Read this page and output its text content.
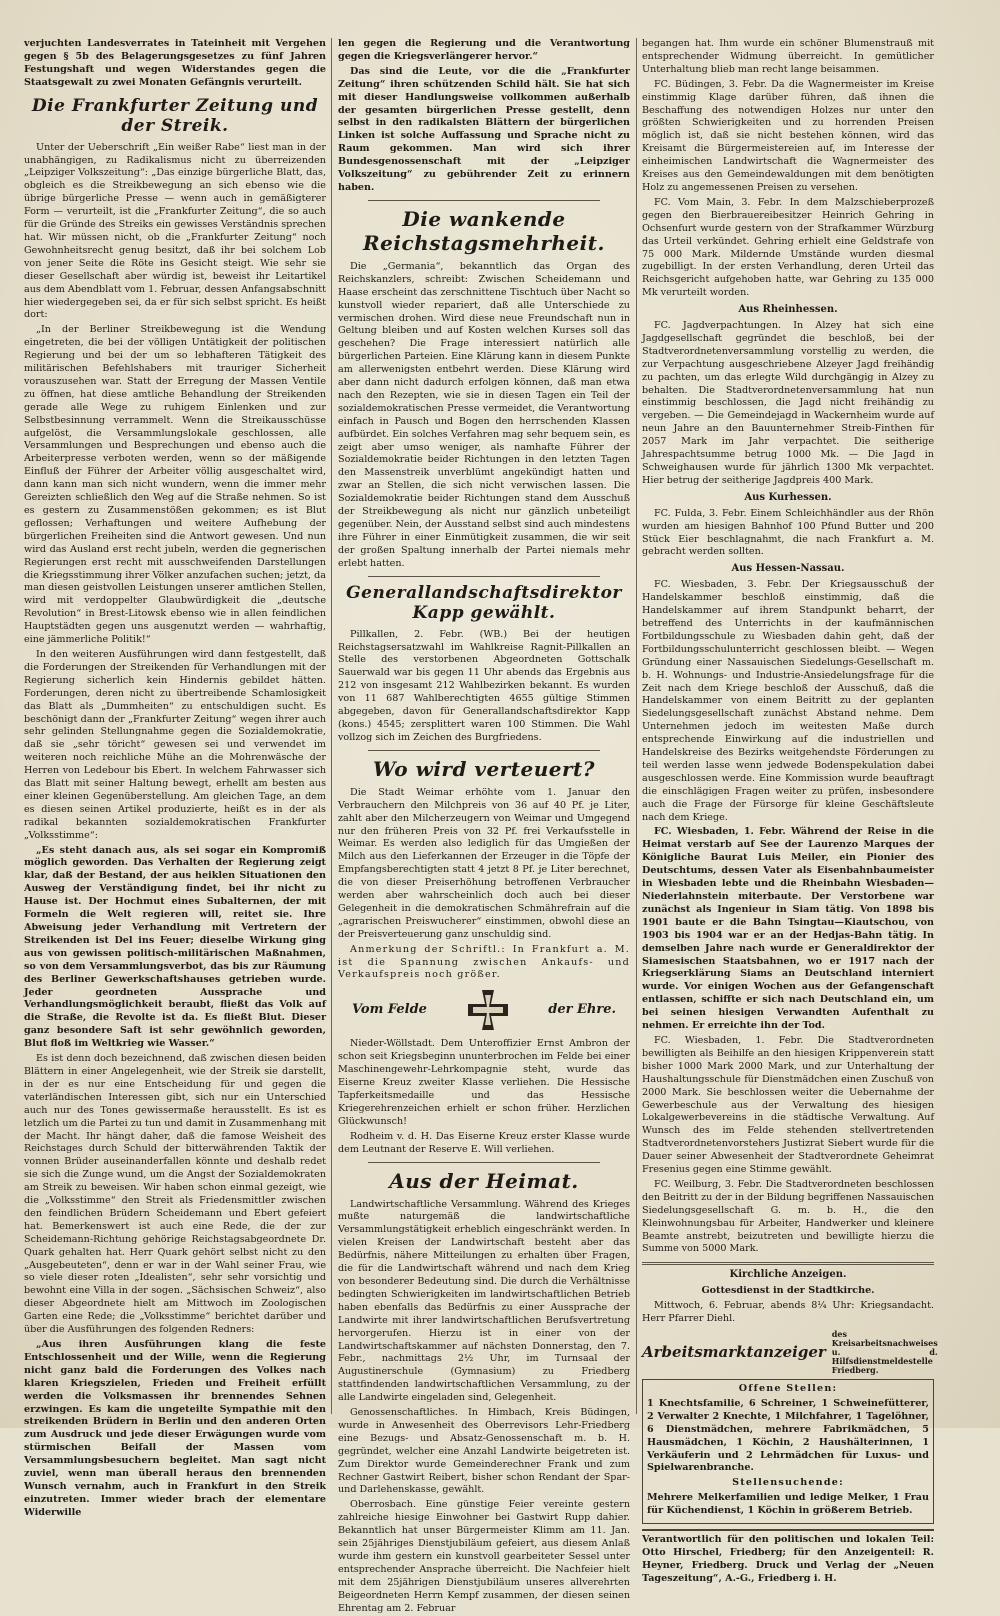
verjuchten Landesverrates in Tateinheit mit Vergehen gegen § 5b des Belagerungsgesetzes zu fünf Jahren Festungshaft und wegen Widerstandes gegen die Staatsgewalt zu zwei Monaten Gefängnis verurteilt.

Die Frankfurter Zeitung und der Streik.

Unter der Ueberschrift „Ein weißer Rabe“ liest man in der unabhängigen, zu Radikalismus nicht zu überreizenden „Leipziger Volkszeitung“: „Das einzige bürgerliche Blatt, das, obgleich es die Streikbewegung an sich ebenso wie die übrige bürgerliche Presse — wenn auch in gemäßigterer Form — verurteilt, ist die „Frankfurter Zeitung“, die so auch für die Gründe des Streiks ein gewisses Verständnis sprechen hat. Wir müssen nicht, ob die „Frankfurter Zeitung“ noch Gewohnheitsrecht genug besitzt, daß ihr bei solchem Lob von jener Seite die Röte ins Gesicht steigt. Wie sehr sie dieser Gesellschaft aber würdig ist, beweist ihr Leitartikel aus dem Abendblatt vom 1. Februar, dessen Anfangsabschnitt hier wiedergegeben sei, da er für sich selbst spricht. Es heißt dort:

„In der Berliner Streikbewegung ist die Wendung eingetreten, die bei der völligen Untätigkeit der politischen Regierung und bei der um so lebhafteren Tätigkeit des militärischen Befehlshabers mit trauriger Sicherheit vorauszusehen war. Statt der Erregung der Massen Ventile zu öffnen, hat diese amtliche Behandlung der Streikenden gerade alle Wege zu ruhigem Einlenken und zur Selbstbesinnung verrammelt. Wenn die Streikausschüsse aufgelöst, die Versammlungslokale geschlossen, alle Versammlungen und Besprechungen und ebenso auch die Arbeiterpresse verboten werden, wenn so der mäßigende Einfluß der Führer der Arbeiter völlig ausgeschaltet wird, dann kann man sich nicht wundern, wenn die immer mehr Gereizten schließlich den Weg auf die Straße nehmen. So ist es gestern zu Zusammenstößen gekommen; es ist Blut geflossen; Verhaftungen und weitere Aufhebung der bürgerlichen Freiheiten sind die Antwort gewesen. Und nun wird das Ausland erst recht jubeln, werden die gegnerischen Regierungen erst recht mit ausschweifenden Darstellungen die Kriegsstimmung ihrer Völker anzufachen suchen; jetzt, da man diesen geistvollen Leistungen unserer amtlichen Stellen, wird mit verdoppelter Glaubwürdigkeit die „deutsche Revolution“ in Brest-Litowsk ebenso wie in allen feindlichen Hauptstädten gegen uns ausgenutzt werden — wahrhaftig, eine jämmerliche Politik!“

In den weiteren Ausführungen wird dann festgestellt, daß die Forderungen der Streikenden für Verhandlungen mit der Regierung sicherlich kein Hindernis gebildet hätten. Forderungen, deren nicht zu übertreibende Schamlosigkeit das Blatt als „Dummheiten“ zu entschuldigen sucht. Es beschönigt dann der „Frankfurter Zeitung“ wegen ihrer auch sehr gelinden Stellungnahme gegen die Sozialdemokratie, daß sie „sehr töricht“ gewesen sei und verwendet im weiteren noch reichliche Mühe an die Mohrenwäsche der Herren von Ledebour bis Ebert. In welchem Fahrwasser sich das Blatt mit seiner Haltung bewegt, erhellt am besten aus einer kleinen Gegenüberstellung. Am gleichen Tage, an dem es diesen seinen Artikel produzierte, heißt es in der als radikal bekannten sozialdemokratischen Frankfurter „Volksstimme“:

„Es steht danach aus, als sei sogar ein Kompromiß möglich geworden. Das Verhalten der Regierung zeigt klar, daß der Bestand, der aus heiklen Situationen den Ausweg der Verständigung findet, bei ihr nicht zu Hause ist. Der Hochmut eines Subalternen, der mit Formeln die Welt regieren will, reitet sie. Ihre Abweisung jeder Verhandlung mit Vertretern der Streikenden ist Del ins Feuer; dieselbe Wirkung ging aus von gewissen politisch-militärischen Maßnahmen, so von dem Versammlungsverbot, das bis zur Räumung des Berliner Gewerkschaftshauses getrieben wurde. Jeder geordneten Aussprache und Verhandlungsmöglichkeit beraubt, fließt das Volk auf die Straße, die Revolte ist da. Es fließt Blut. Dieser ganz besondere Saft ist sehr gewöhnlich geworden, Blut floß im Weltkrieg wie Wasser.“

Es ist denn doch bezeichnend, daß zwischen diesen beiden Blättern in einer Angelegenheit, wie der Streik sie darstellt, in der es nur eine Entscheidung für und gegen die vaterländischen Interessen gibt, sich nur ein Unterschied auch nur des Tones gewissermaße herausstellt. Es ist es letzlich um die Partei zu tun und damit in Zusammenhang mit der Macht. Ihr hängt daher, daß die famose Weisheit des Reichstages durch Schuld der bitterwährenden Taktik der vonnen Brüder auseinanderfallen könnte und deshalb redet sie sich die Zunge wund, um die Angst der Sozialdemokraten am Streik zu beweisen. Wir haben schon einmal gezeigt, wie die „Volksstimme“ den Streit als Friedensmittler zwischen den feindlichen Brüdern Scheidemann und Ebert gefeiert hat. Bemerkenswert ist auch eine Rede, die der zur Scheidemann-Richtung gehörige Reichstagsabgeordnete Dr. Quark gehalten hat. Herr Quark gehört selbst nicht zu den „Ausgebeuteten“, denn er war in der Wahl seiner Frau, wie so viele dieser roten „Idealisten“, sehr sehr vorsichtig und bewohnt eine Villa in der sogen. „Sächsischen Schweiz“, also dieser Abgeordnete hielt am Mittwoch im Zoologischen Garten eine Rede; die „Volksstimme“ berichtet darüber und über die Ausführungen des folgenden Redners:

„Aus ihren Ausführungen klang die feste Entschlossenheit und der Wille, wenn die Regierung nicht ganz bald die Forderungen des Volkes nach klaren Kriegszielen, Frieden und Freiheit erfüllt werden die Volksmassen ihr brennendes Sehnen erzwingen. Es kam die ungeteilte Sympathie mit den streikenden Brüdern in Berlin und den anderen Orten zum Ausdruck und jede dieser Erwägungen wurde vom stürmischen Beifall der Massen vom Versammlungsbesuchern begleitet. Man sagt nicht zuviel, wenn man überall heraus den brennenden Wunsch vernahm, auch in Frankfurt in den Streik einzutreten. Immer wieder brach der elementare Widerwille

len gegen die Regierung und die Verantwortung gegen die Kriegsverlängerer hervor.“

Das sind die Leute, vor die die „Frankfurter Zeitung“ ihren schützenden Schild hält. Sie hat sich mit dieser Handlungsweise vollkommen außerhalb der gesamten bürgerlichen Presse gestellt, denn selbst in den radikalsten Blättern der bürgerlichen Linken ist solche Auffassung und Sprache nicht zu Raum gekommen. Man wird sich ihrer Bundesgenossenschaft mit der „Leipziger Volkszeitung“ zu gebührender Zeit zu erinnern haben.

Die wankende Reichstagsmehrheit.

Die „Germania“, bekanntlich das Organ des Reichskanzlers, schreibt: Zwischen Scheidemann und Haase erscheint das zerschnittene Tischtuch über Nacht so kunstvoll wieder repariert, daß alle Unterschiede zu vermischen drohen. Wird diese neue Freundschaft nun in Geltung bleiben und auf Kosten welchen Kurses soll das geschehen? Die Frage interessiert natürlich alle bürgerlichen Parteien. Eine Klärung kann in diesem Punkte am allerwenigsten entbehrt werden. Diese Klärung wird aber dann nicht dadurch erfolgen können, daß man etwa nach den Rezepten, wie sie in diesen Tagen ein Teil der sozialdemokratischen Presse vermeidet, die Verantwortung einfach in Pausch und Bogen den herrschenden Klassen aufbürdet. Ein solches Verfahren mag sehr bequem sein, es zeigt aber umso weniger, als namhafte Führer der Sozialdemokratie beider Richtungen in den letzten Tagen den Massenstreik unverblümt angekündigt hatten und zwar an Stellen, die sich nicht verwischen lassen. Die Sozialdemokratie beider Richtungen stand dem Ausschuß der Streikbewegung als nicht nur gänzlich unbeteiligt gegenüber. Nein, der Ausstand selbst sind auch mindestens ihre Führer in einer Einmütigkeit zusammen, die wir seit der großen Spaltung innerhalb der Partei niemals mehr erlebt hatten.

Generallandschaftsdirektor Kapp gewählt.

Pillkallen, 2. Febr. (WB.) Bei der heutigen Reichstagsersatzwahl im Wahlkreise Ragnit-Pillkallen an Stelle des verstorbenen Abgeordneten Gottschalk Sauerwald war bis gegen 11 Uhr abends das Ergebnis aus 212 von insgesamt 212 Wahlbezirken bekannt. Es wurden von 11 687 Wahlberechtigten 4655 gültige Stimmen abgegeben, davon für Generallandschaftsdirektor Kapp (kons.) 4545; zersplittert waren 100 Stimmen. Die Wahl vollzog sich im Zeichen des Burgfriedens.

Wo wird verteuert?

Die Stadt Weimar erhöhte vom 1. Januar den Verbrauchern den Milchpreis von 36 auf 40 Pf. je Liter, zahlt aber den Milcherzeugern von Weimar und Umgegend nur den früheren Preis von 32 Pf. frei Verkaufsstelle in Weimar. Es werden also lediglich für das Umgießen der Milch aus den Lieferkannen der Erzeuger in die Töpfe der Empfangsberechtigten statt 4 jetzt 8 Pf. je Liter berechnet, die von dieser Preiserhöhung betroffenen Verbraucher werden aber wahrscheinlich doch auch bei dieser Gelegenheit in die demokratischen Schmährefrain auf die „agrarischen Preiswucherer“ einstimmen, obwohl diese an der Preisverteuerung ganz unschuldig sind.

Anmerkung der Schriftl.: In Frankfurt a. M. ist die Spannung zwischen Ankaufs- und Verkaufspreis noch größer.

Vom Felde	der Ehre.

Nieder-Wöllstadt. Dem Unteroffizier Ernst Ambron der schon seit Kriegsbeginn ununterbrochen im Felde bei einer Maschinengewehr-Lehrkompagnie steht, wurde das Eiserne Kreuz zweiter Klasse verliehen. Die Hessische Tapferkeitsmedaille und das Hessische Kriegerehrenzeichen erhielt er schon früher. Herzlichen Glückwunsch!

Rodheim v. d. H. Das Eiserne Kreuz erster Klasse wurde dem Leutnant der Reserve E. Will verliehen.

Aus der Heimat.

Landwirtschaftliche Versammlung. Während des Krieges mußte naturgemäß die landwirtschaftliche Versammlungstätigkeit erheblich eingeschränkt werden. In vielen Kreisen der Landwirtschaft besteht aber das Bedürfnis, nähere Mitteilungen zu erhalten über Fragen, die für die Landwirtschaft während und nach dem Krieg von besonderer Bedeutung sind. Die durch die Verhältnisse bedingten Schwierigkeiten im landwirtschaftlichen Betrieb haben ebenfalls das Bedürfnis zu einer Aussprache der Landwirte mit ihrer landwirtschaftlichen Berufsvertretung hervorgerufen. Hierzu ist in einer von der Landwirtschaftskammer auf nächsten Donnerstag, den 7. Febr., nachmittags 2½ Uhr, im Turnsaal der Augustinerschule (Gymnasium) zu Friedberg stattfindenden landwirtschaftlichen Versammlung, zu der alle Landwirte eingeladen sind, Gelegenheit.

Genossenschaftliches. In Himbach, Kreis Büdingen, wurde in Anwesenheit des Oberrevisors Lehr-Friedberg eine Bezugs- und Absatz-Genossenschaft m. b. H. gegründet, welcher eine Anzahl Landwirte beigetreten ist. Zum Direktor wurde Gemeinderechner Frank und zum Rechner Gastwirt Reibert, bisher schon Rendant der Spar- und Darlehenskasse, gewählt.

Oberrosbach. Eine günstige Feier vereinte gestern zahlreiche hiesige Einwohner bei Gastwirt Rupp dahier. Bekanntlich hat unser Bürgermeister Klimm am 11. Jan. sein 25jähriges Dienstjubiläum gefeiert, aus diesem Anlaß wurde ihm gestern ein kunstvoll gearbeiteter Sessel unter entsprechender Ansprache überreicht. Die Nachfeier hielt mit dem 25jährigen Dienstjubiläum unseres allverehrten Beigeordneten Herrn Kempf zusammen, der diesen seinen Ehrentag am 2. Februar

begangen hat. Ihm wurde ein schöner Blumenstrauß mit entsprechender Widmung überreicht. In gemütlicher Unterhaltung blieb man recht lange beisammen.

FC. Büdingen, 3. Febr. Da die Wagnermeister im Kreise einstimmig Klage darüber führen, daß ihnen die Beschaffung des notwendigen Holzes nur unter den größten Schwierigkeiten und zu horrenden Preisen möglich ist, daß sie nicht bestehen können, wird das Kreisamt die Bürgermeistereien auf, im Interesse der einheimischen Landwirtschaft die Wagnermeister des Kreises aus den Gemeindewaldungen mit dem benötigten Holz zu angemessenen Preisen zu versehen.

FC. Vom Main, 3. Febr. In dem Malzschieberprozeß gegen den Bierbrauereibesitzer Heinrich Gehring in Ochsenfurt wurde gestern von der Strafkammer Würzburg das Urteil verkündet. Gehring erhielt eine Geldstrafe von 75 000 Mark. Mildernde Umstände wurden diesmal zugebilligt. In der ersten Verhandlung, deren Urteil das Reichsgericht aufgehoben hatte, war Gehring zu 135 000 Mk verurteilt worden.

Aus Rheinhessen.

FC. Jagdverpachtungen. In Alzey hat sich eine Jagdgesellschaft gegründet die beschloß, bei der Stadtverordnetenversammlung vorstellig zu werden, die zur Verpachtung ausgeschriebene Alzeyer Jagd freihändig zu pachten, um das erlegte Wild durchgängig in Alzey zu behalten. Die Stadtverordnetenversammlung hat nun einstimmig beschlossen, die Jagd nicht freihändig zu vergeben. — Die Gemeindejagd in Wackernheim wurde auf neun Jahre an den Bauunternehmer Streib-Finthen für 2057 Mark im Jahr verpachtet. Die seitherige Jahrespachtsumme betrug 1000 Mk. — Die Jagd in Schweighausen wurde für jährlich 1300 Mk verpachtet. Hier betrug der seitherige Jagdpreis 400 Mark.

Aus Kurhessen.

FC. Fulda, 3. Febr. Einem Schleichhändler aus der Rhön wurden am hiesigen Bahnhof 100 Pfund Butter und 200 Stück Eier beschlagnahmt, die nach Frankfurt a. M. gebracht werden sollten.

Aus Hessen-Nassau.

FC. Wiesbaden, 3. Febr. Der Kriegsausschuß der Handelskammer beschloß einstimmig, daß die Handelskammer auf ihrem Standpunkt beharrt, der betreffend des Unterrichts in der kaufmännischen Fortbildungsschule zu Wiesbaden dahin geht, daß der Fortbildungsschulunterricht geschlossen bleibt. — Wegen Gründung einer Nassauischen Siedelungs-Gesellschaft m. b. H. Wohnungs- und Industrie-Ansiedelungsfrage für die Zeit nach dem Kriege beschloß der Ausschuß, daß die Handelskammer von einem Beitritt zu der geplanten Siedelungsgesellschaft zunächst Abstand nehme. Dem Unternehmen jedoch im weitesten Maße durch entsprechende Einwirkung auf die industriellen und Handelskreise des Bezirks weitgehendste Förderungen zu teil werden lasse wenn jedwede Bodenspekulation dabei ausgeschlossen werde. Eine Kommission wurde beauftragt die einschlägigen Fragen weiter zu prüfen, insbesondere auch die Frage der Fürsorge für kleine Geschäftsleute nach dem Kriege.

FC. Wiesbaden, 1. Febr. Während der Reise in die Heimat verstarb auf See der Laurenzo Marques der Königliche Baurat Luis Meiler, ein Pionier des Deutschtums, dessen Vater als Eisenbahnbaumeister in Wiesbaden lebte und die Rheinbahn Wiesbaden—Niederlahnstein miterbaute. Der Verstorbene war zunächst als Ingenieur in Siam tätig. Von 1898 bis 1901 baute er die Bahn Tsingtau—Kiautschou, von 1903 bis 1904 war er an der Hedjas-Bahn tätig. In demselben Jahre nach wurde er Generaldirektor der Siamesischen Staatsbahnen, wo er 1917 nach der Kriegserklärung Siams an Deutschland interniert wurde. Vor einigen Wochen aus der Gefangenschaft entlassen, schiffte er sich nach Deutschland ein, um bei seinen hiesigen Verwandten Aufenthalt zu nehmen. Er erreichte ihn der Tod.

FC. Wiesbaden, 1. Febr. Die Stadtverordneten bewilligten als Beihilfe an den hiesigen Krippenverein statt bisher 1000 Mark 2000 Mark, und zur Unterhaltung der Haushaltungsschule für Dienstmädchen einen Zuschuß von 2000 Mark. Sie beschlossen weiter die Uebernahme der Gewerbeschule aus der Verwaltung des hiesigen Lokalgewerbevereins in die städtische Verwaltung. Auf Wunsch des im Felde stehenden stellvertretenden Stadtverordnetenvorstehers Justizrat Siebert wurde für die Dauer seiner Abwesenheit der Stadtverordnete Geheimrat Fresenius gegen eine Stimme gewählt.

FC. Weilburg, 3. Febr. Die Stadtverordneten beschlossen den Beitritt zu der in der Bildung begriffenen Nassauischen Siedelungsgesellschaft G. m. b. H., die den Kleinwohnungsbau für Arbeiter, Handwerker und kleinere Beamte anstrebt, beizutreten und bewilligte hierzu die Summe von 5000 Mark.

Kirchliche Anzeigen.

Gottesdienst in der Stadtkirche.

Mittwoch, 6. Februar, abends 8¼ Uhr: Kriegsandacht. Herr Pfarrer Diehl.

Arbeitsmarktanzeiger
des Kreisarbeitsnachweises u. d. Hilfsdienstmeldestelle Friedberg.

Offene Stellen:

1 Knechtsfamilie, 6 Schreiner, 1 Schweinefütterer, 2 Verwalter 2 Knechte, 1 Milchfahrer, 1 Tagelöhner, 6 Dienstmädchen, mehrere Fabrikmädchen, 5 Hausmädchen, 1 Köchin, 2 Haushälterinnen, 1 Verkäuferin und 2 Lehrmädchen für Luxus- und Spielwarenbranche.

Stellensuchende:

Mehrere Melkerfamilien und ledige Melker, 1 Frau für Küchendienst, 1 Köchin in größerem Betrieb.

Verantwortlich für den politischen und lokalen Teil: Otto Hirschel, Friedberg; für den Anzeigenteil: R. Heyner, Friedberg. Druck und Verlag der „Neuen Tageszeitung“, A.-G., Friedberg i. H.
